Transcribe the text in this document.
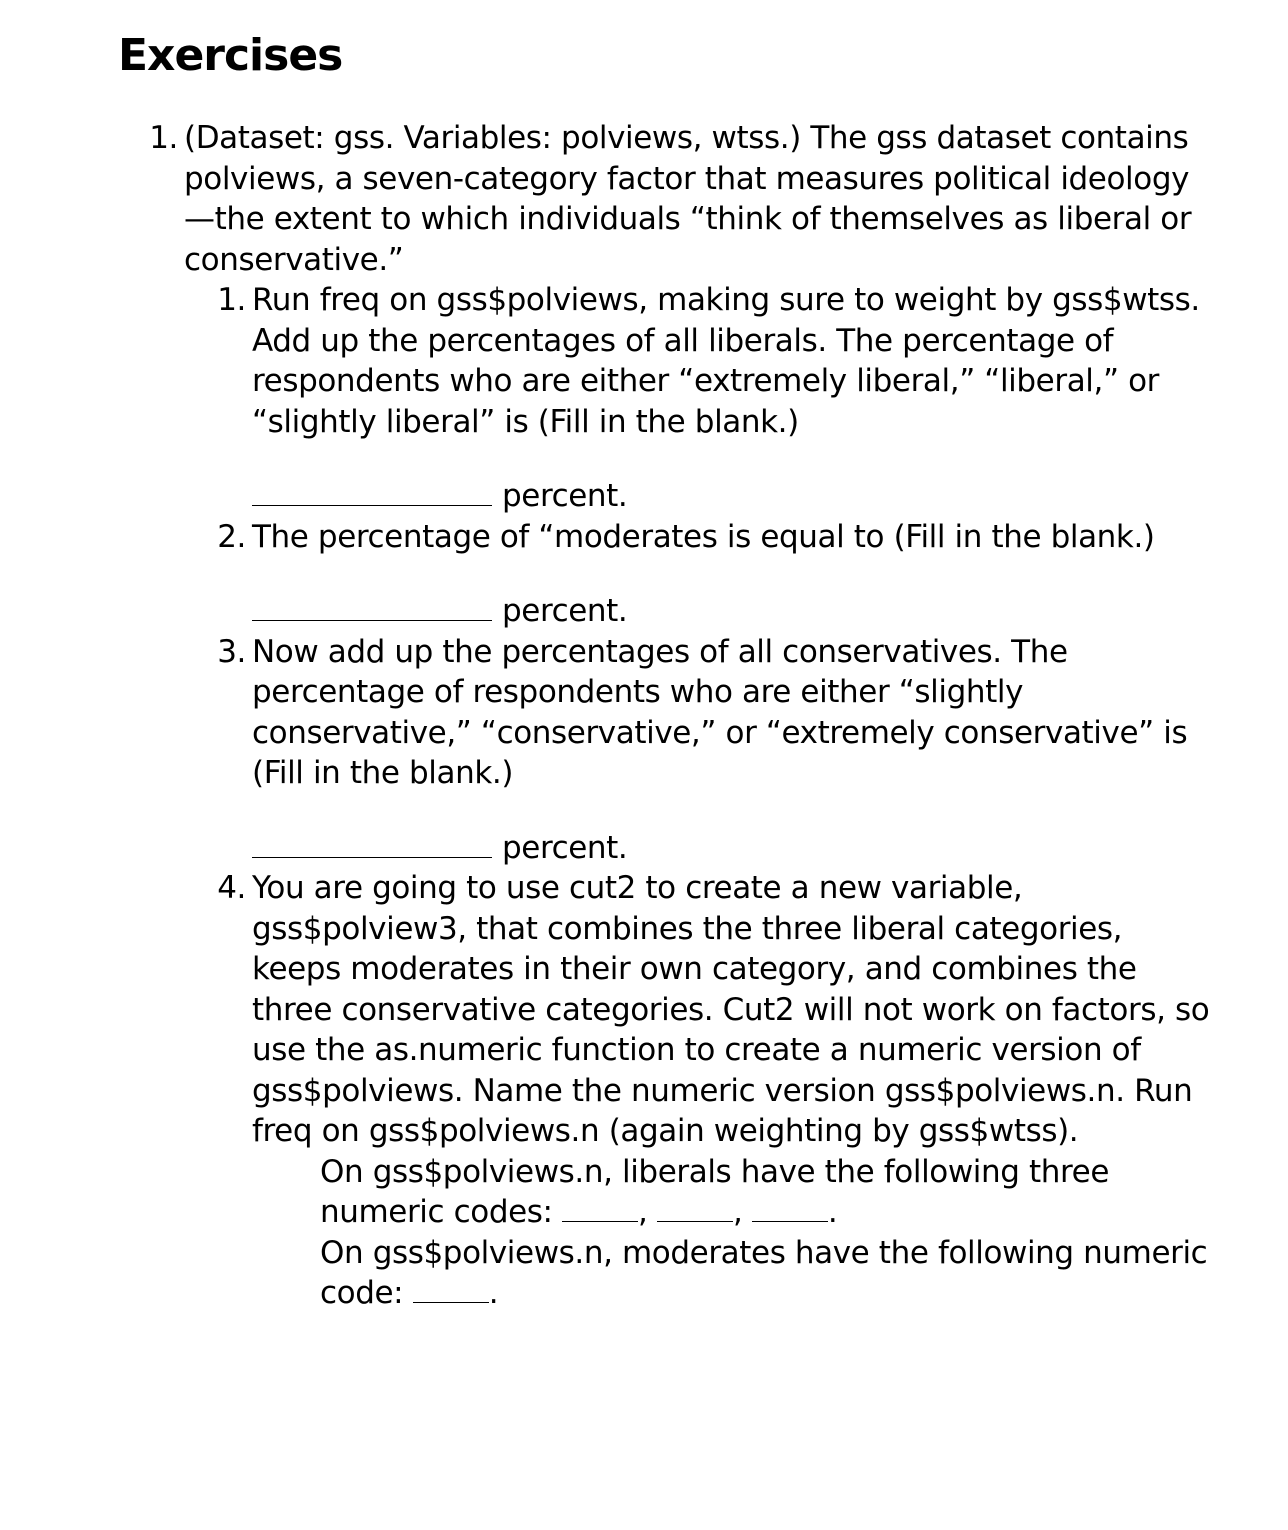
Exercises
1. (Dataset: gss. Variables: polviews, wtss.) The gss dataset contains polviews, a seven-category factor that measures political ideology—the extent to which individuals “think of themselves as liberal or conservative.”
1. Run freq on gss$polviews, making sure to weight by gss$wtss. Add up the percentages of all liberals. The percentage of respondents who are either “extremely liberal,” “liberal,” or “slightly liberal” is (Fill in the blank.)
percent.
2. The percentage of “moderates is equal to (Fill in the blank.)
percent.
3. Now add up the percentages of all conservatives. The percentage of respondents who are either “slightly conservative,” “conservative,” or “extremely conservative” is (Fill in the blank.)
percent.
4. You are going to use cut2 to create a new variable, gss$polview3, that combines the three liberal categories, keeps moderates in their own category, and combines the three conservative categories. Cut2 will not work on factors, so use the as.numeric function to create a numeric version of gss$polviews. Name the numeric version gss$polviews.n. Run freq on gss$polviews.n (again weighting by gss$wtss).
On gss$polviews.n, liberals have the following three numeric codes:	, , .
On gss$polviews.n, moderates have the following numeric code:	.
